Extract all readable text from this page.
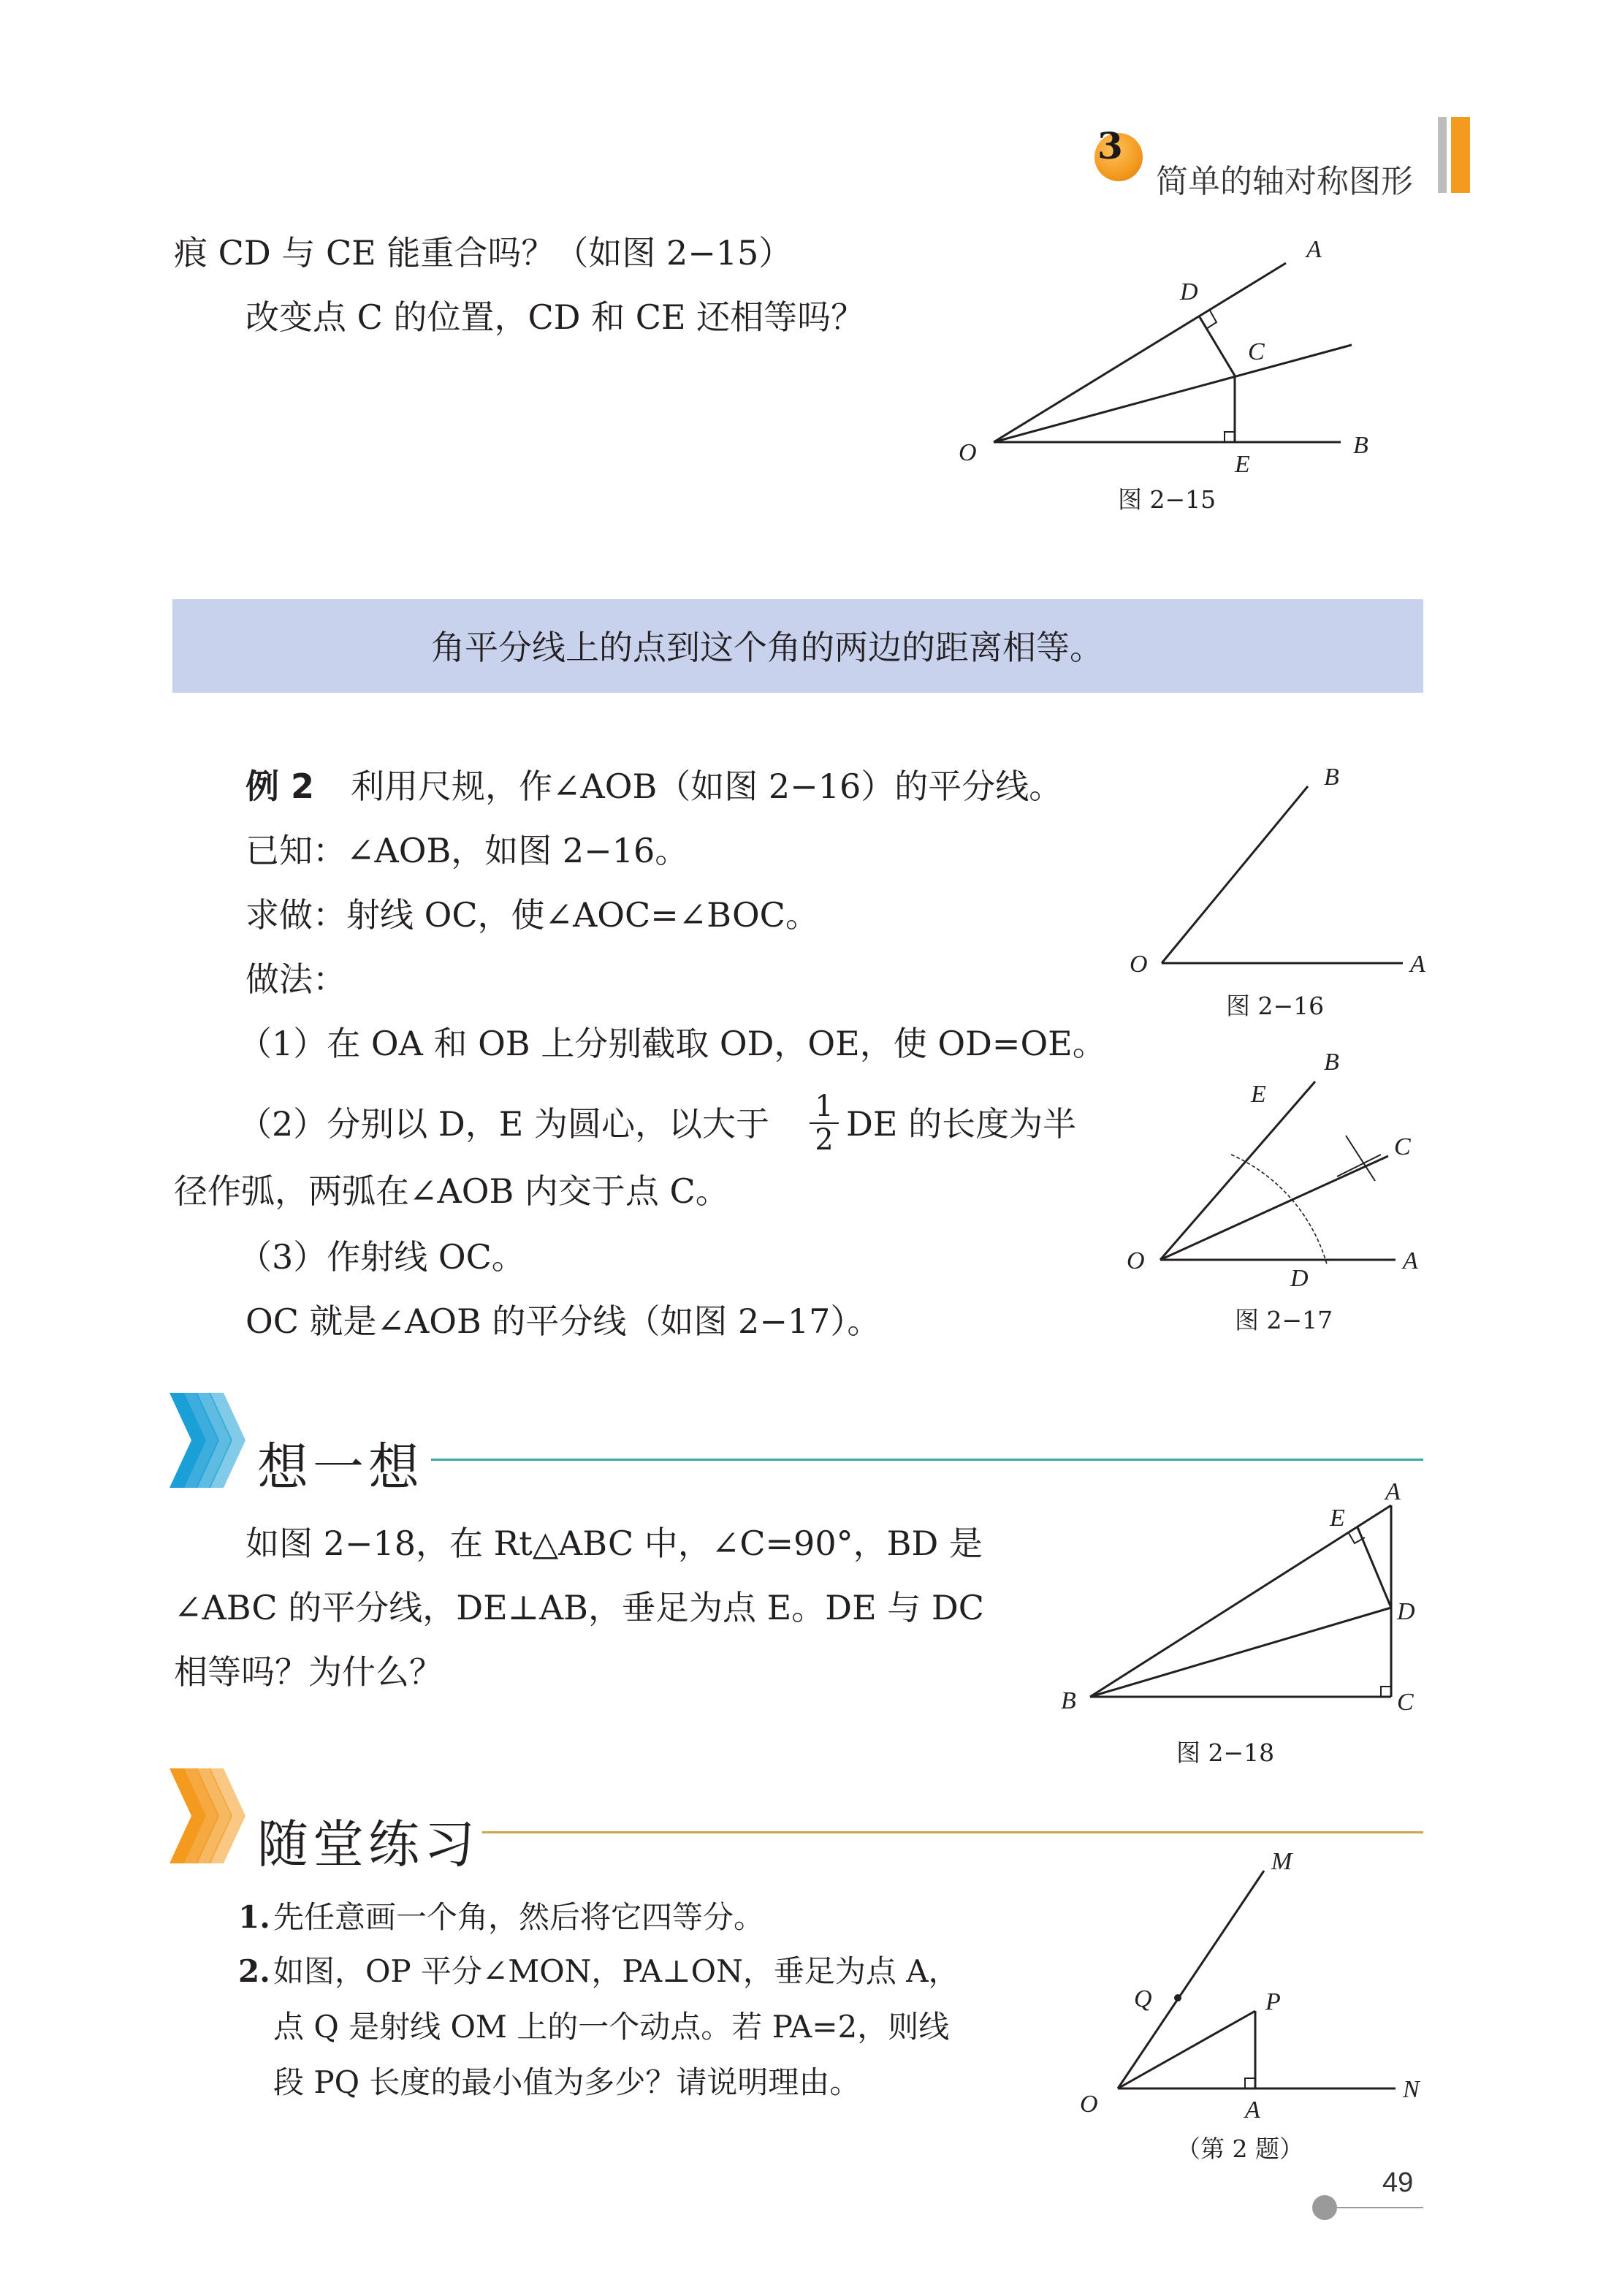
3
简单的轴对称图形
痕 CD 与 CE 能重合吗？（如图 2−15）
改变点 C 的位置，CD 和 CE 还相等吗？
A
D
C
O	E
B
图 2−15
角平分线上的点到这个角的两边的距离相等。
例 2 利用尺规，作∠AOB（如图 2−16）的平分线。
已知：∠AOB，如图 2−16。
求做：射线 OC，使∠AOC=∠BOC。
做法：
（1）在 OA 和 OB 上分别截取 OD，OE，使 OD=OE。
（2）分别以 D，E 为圆心，以大于 $\frac{1}{2}$ DE 的长度为半
径作弧，两弧在∠AOB 内交于点 C。
（3）作射线 OC。
OC 就是∠AOB 的平分线（如图 2−17）。
B
O	A
图 2−16
B
E
C
O
D
A
图 2−17
想一想
如图 2−18，在 Rt△ABC 中，∠C=90°，BD 是
∠ABC 的平分线，DE⊥AB，垂足为点 E。DE 与 DC
相等吗？为什么？
A
E
D
B	C
图 2−18
随堂练习
1. 先任意画一个角，然后将它四等分。
2. 如图，OP 平分∠MON，PA⊥ON，垂足为点 A，
点 Q 是射线 OM 上的一个动点。若 PA=2，则线
段 PQ 长度的最小值为多少？请说明理由。
M
Q	P
O	A
N
（第 2 题）
49
